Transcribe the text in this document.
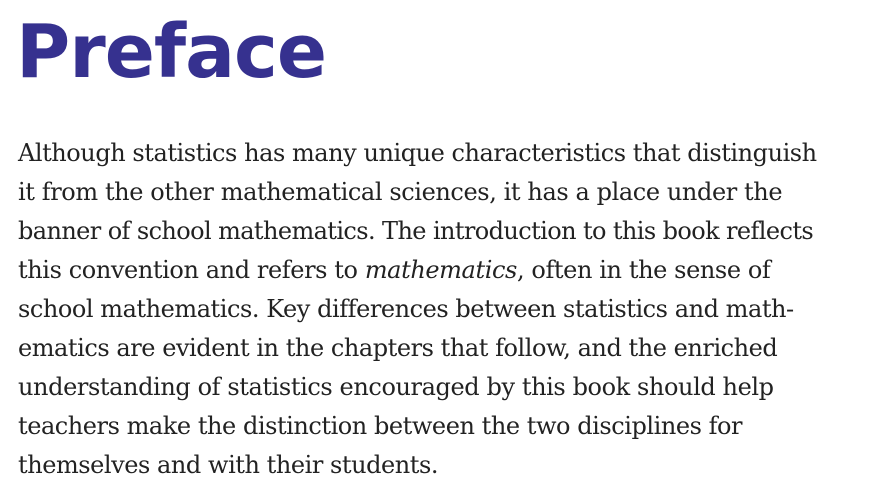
Preface

Although statistics has many unique characteristics that distinguish
it from the other mathematical sciences, it has a place under the
banner of school mathematics. The introduction to this book reflects
this convention and refers to mathematics, often in the sense of
school mathematics. Key differences between statistics and math-
ematics are evident in the chapters that follow, and the enriched
understanding of statistics encouraged by this book should help
teachers make the distinction between the two disciplines for
themselves and with their students.
